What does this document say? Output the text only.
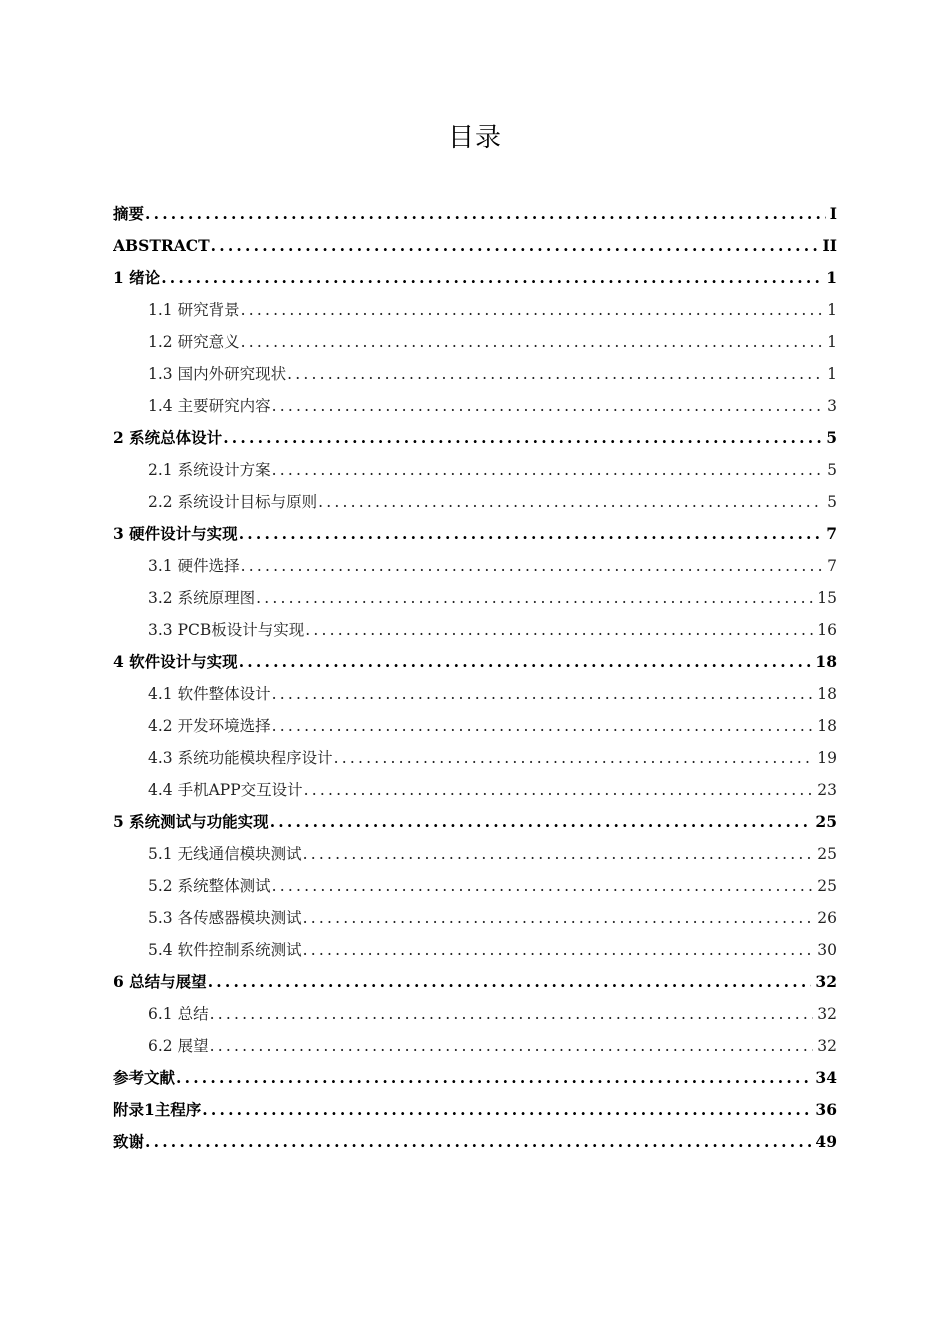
目录
摘要 .....	I
ABSTRACT .....	II
1 绪论 .....	1
1.1 研究背景 .....	1
1.2 研究意义 .....	1
1.3 国内外研究现状 .....	1
1.4 主要研究内容 .....	3
2 系统总体设计 .....	5
2.1 系统设计方案 .....	5
2.2 系统设计目标与原则 .....	5
3 硬件设计与实现 .....	7
3.1 硬件选择 .....	7
3.2 系统原理图 .....	15
3.3 PCB板设计与实现 .....	16
4 软件设计与实现 .....	18
4.1 软件整体设计 .....	18
4.2 开发环境选择 .....	18
4.3 系统功能模块程序设计 .....	19
4.4 手机APP交互设计 .....	23
5 系统测试与功能实现 .....	25
5.1 无线通信模块测试 .....	25
5.2 系统整体测试 .....	25
5.3 各传感器模块测试 .....	26
5.4 软件控制系统测试 .....	30
6 总结与展望 .....	32
6.1 总结 .....	32
6.2 展望 .....	32
参考文献 .....	34
附录1主程序 .....	36
致谢 .....	49
